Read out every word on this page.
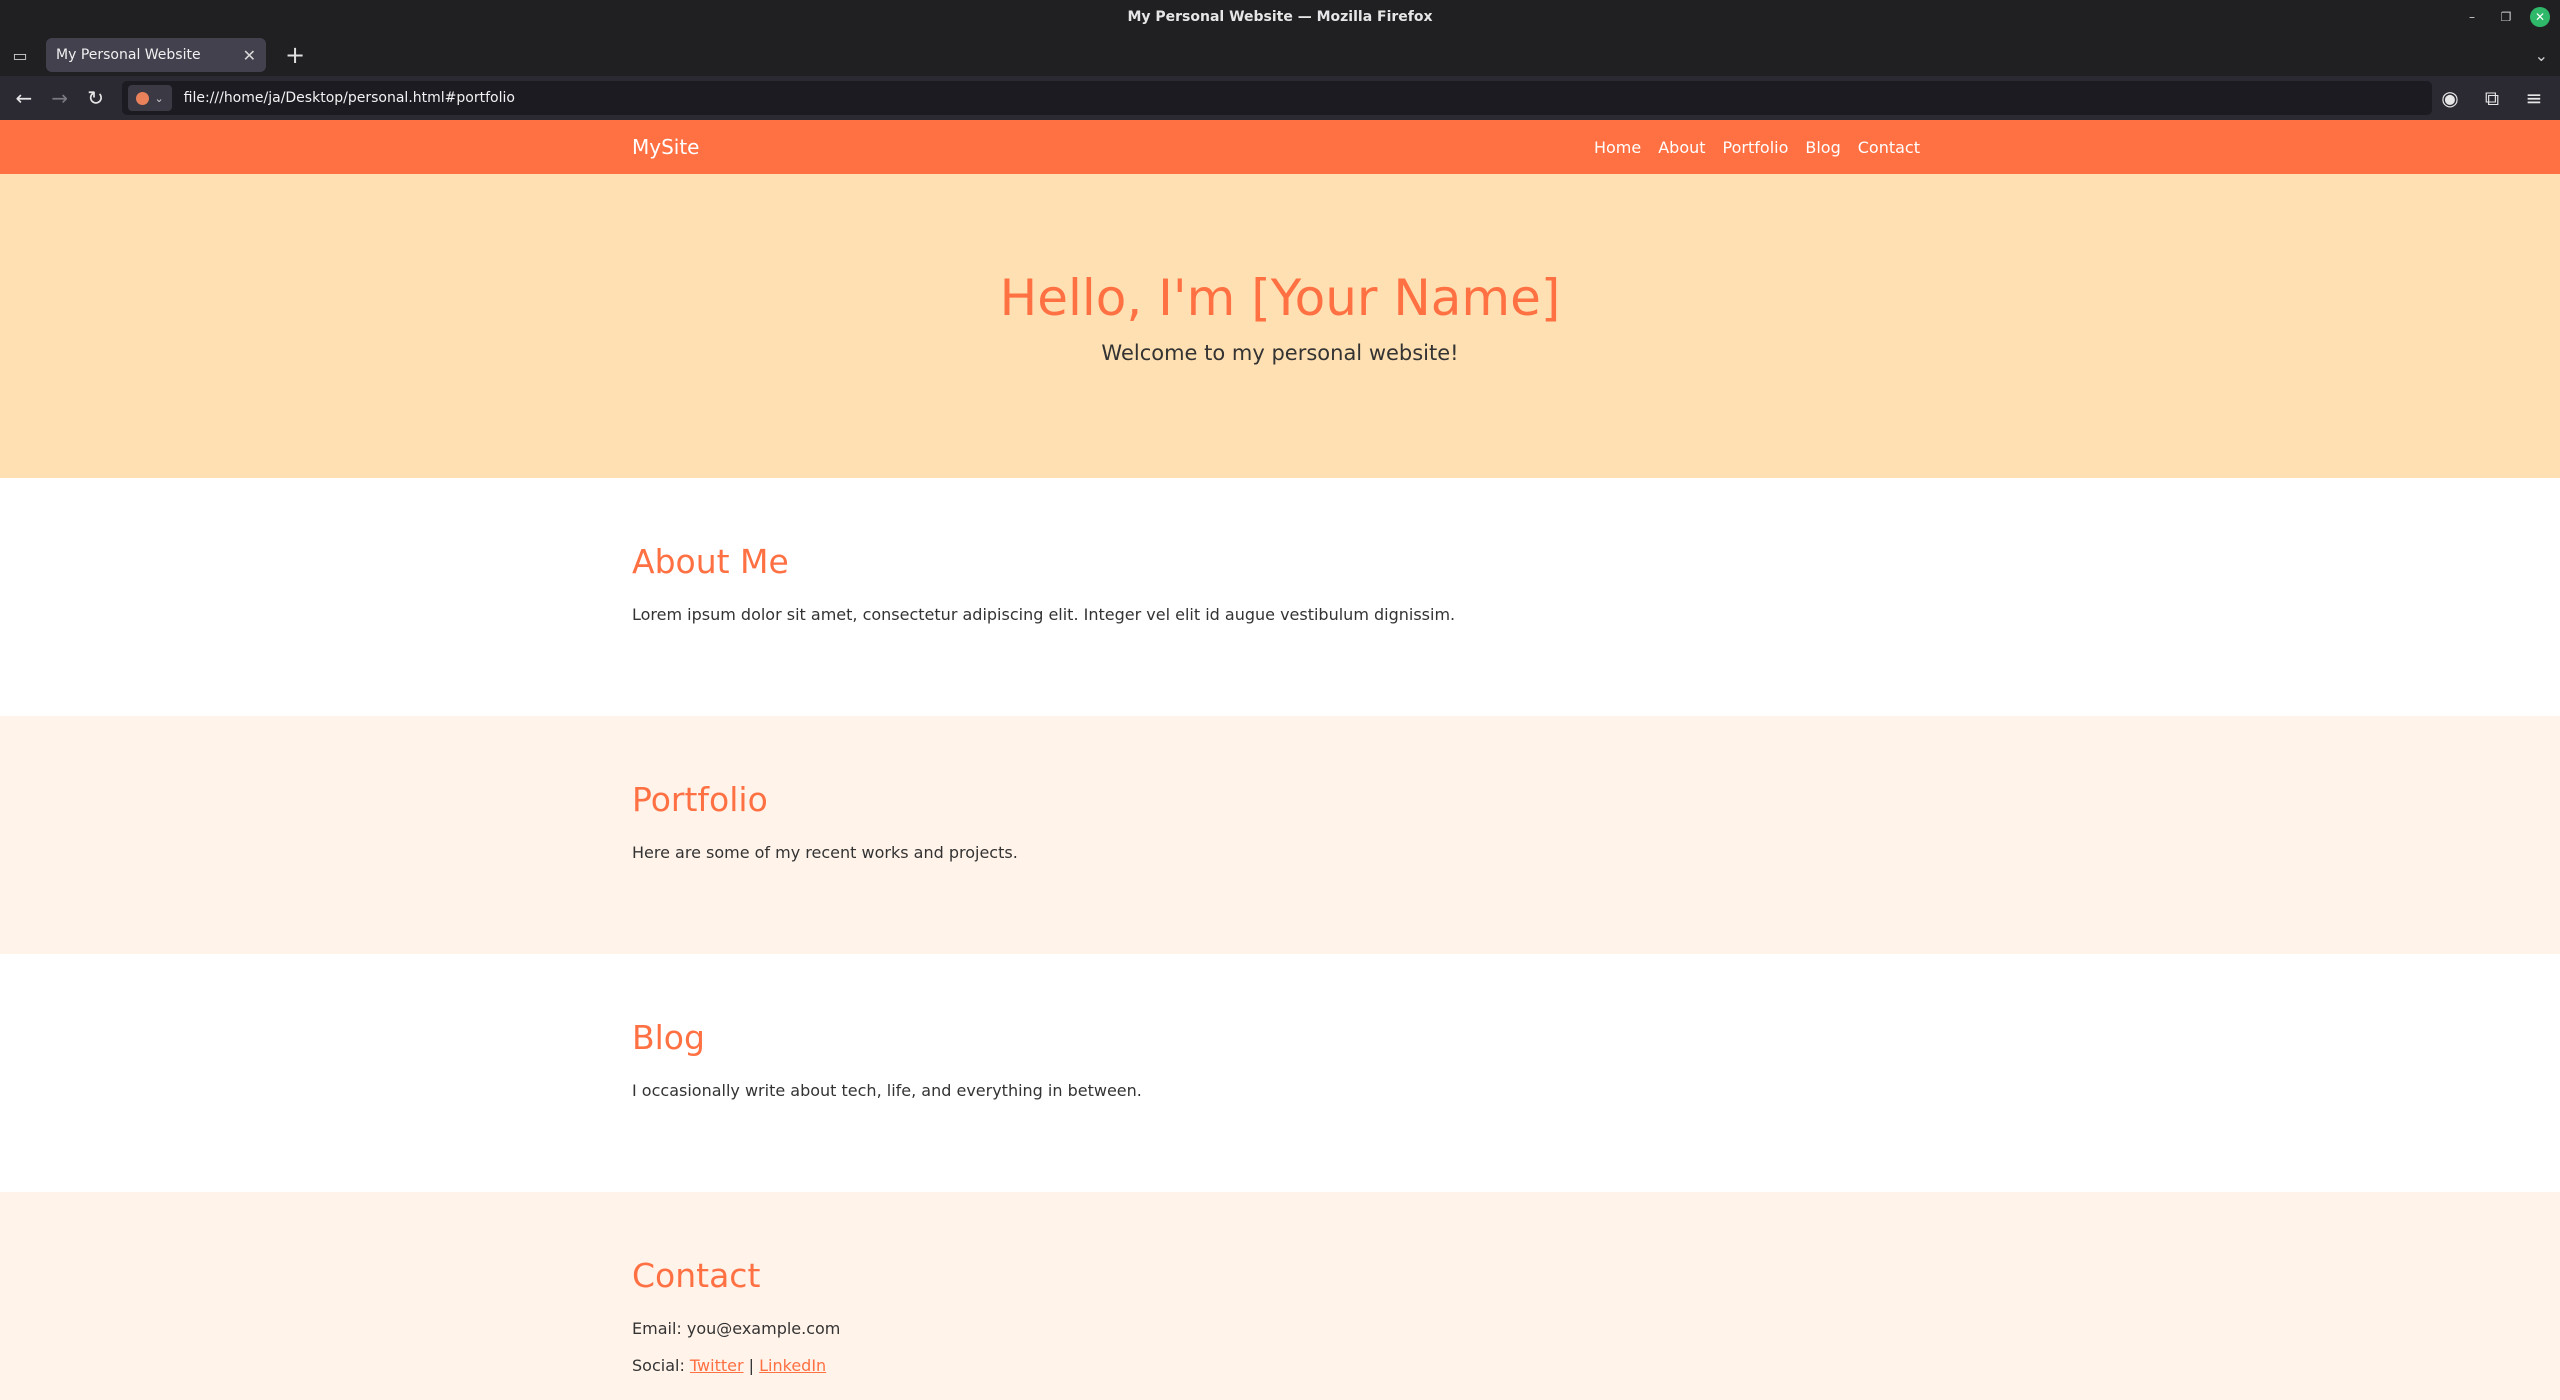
My Personal Website — Mozilla Firefox	–	❐	✕
▭	My Personal Website	✕ +	⌄
← → ↻	⌄ file:///home/ja/Desktop/personal.html#portfolio	◉	⧉	≡
MySite	Home About Portfolio Blog Contact
Hello, I'm [Your Name]

Welcome to my personal website!

About Me

Lorem ipsum dolor sit amet, consectetur adipiscing elit. Integer vel elit id augue vestibulum dignissim.

Portfolio

Here are some of my recent works and projects.

Blog

I occasionally write about tech, life, and everything in between.

Contact

Email: you@example.com

Social: Twitter | LinkedIn
